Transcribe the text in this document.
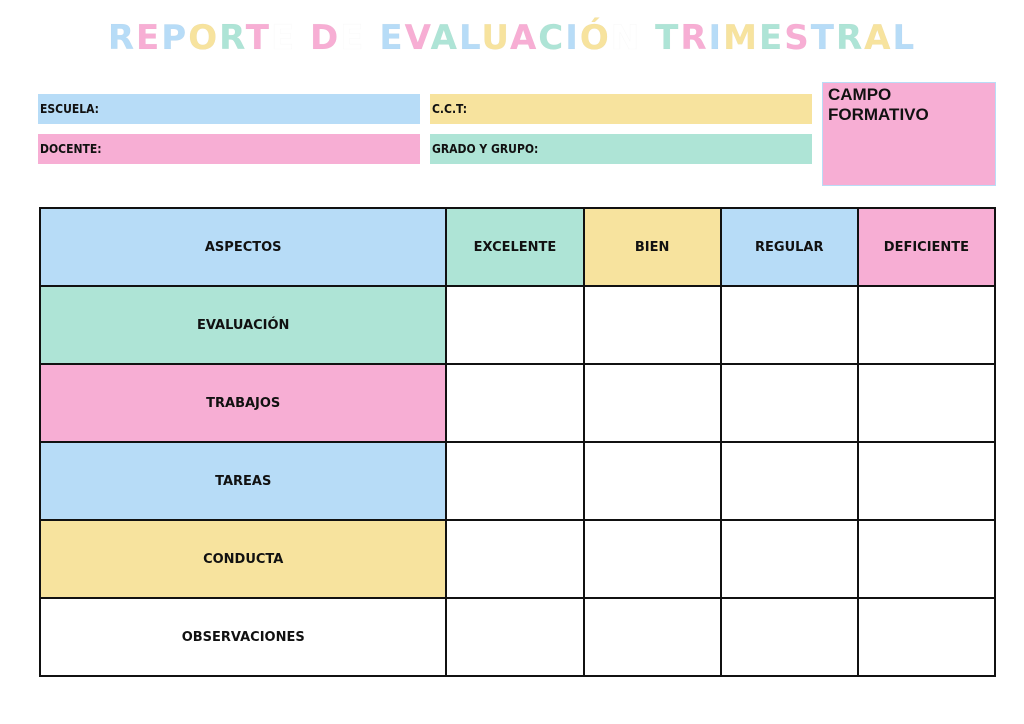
REPORTE DE EVALUACIÓN TRIMESTRAL
ESCUELA:	C.C.T:
DOCENTE:	GRADO Y GRUPO:
CAMPO FORMATIVO
ASPECTOS	EXCELENTE	BIEN	REGULAR	DEFICIENTE
EVALUACIÓN				
TRABAJOS				
TAREAS				
CONDUCTA				
OBSERVACIONES				
